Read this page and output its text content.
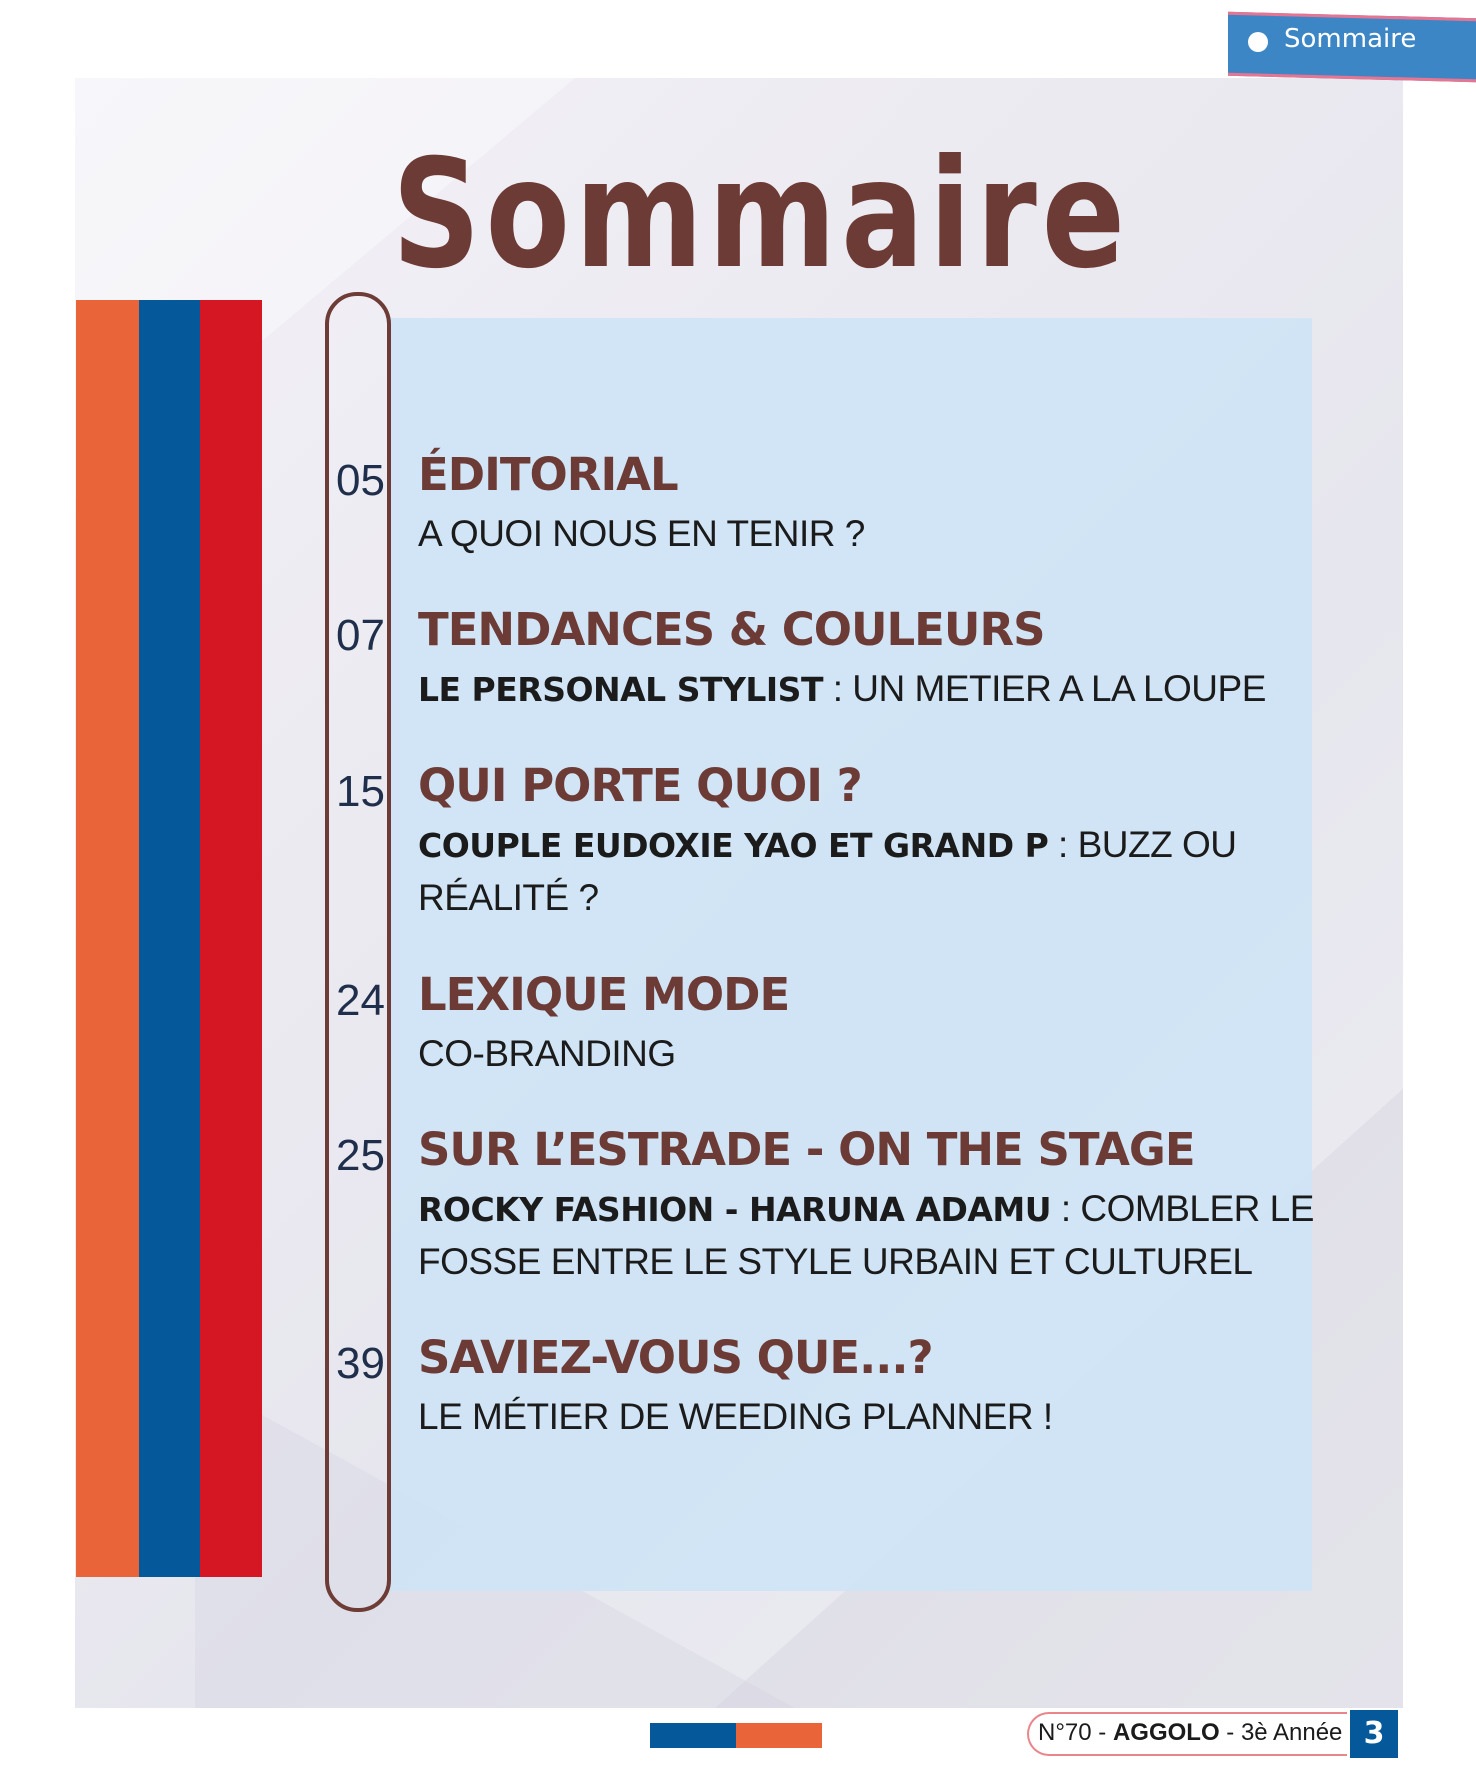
Sommaire
Sommaire
05 ÉDITORIAL
A QUOI NOUS EN TENIR ?
07 TENDANCES & COULEURS
LE PERSONAL STYLIST : UN METIER A LA LOUPE
15 QUI PORTE QUOI ?
COUPLE EUDOXIE YAO ET GRAND P : BUZZ OU RÉALITÉ ?
24 LEXIQUE MODE
CO-BRANDING
25 SUR L’ESTRADE - ON THE STAGE
ROCKY FASHION - HARUNA ADAMU : COMBLER LE FOSSE ENTRE LE STYLE URBAIN ET CULTUREL
39 SAVIEZ-VOUS QUE...?
LE MÉTIER DE WEEDING PLANNER !
N°70 - AGGOLO - 3è Année 3
